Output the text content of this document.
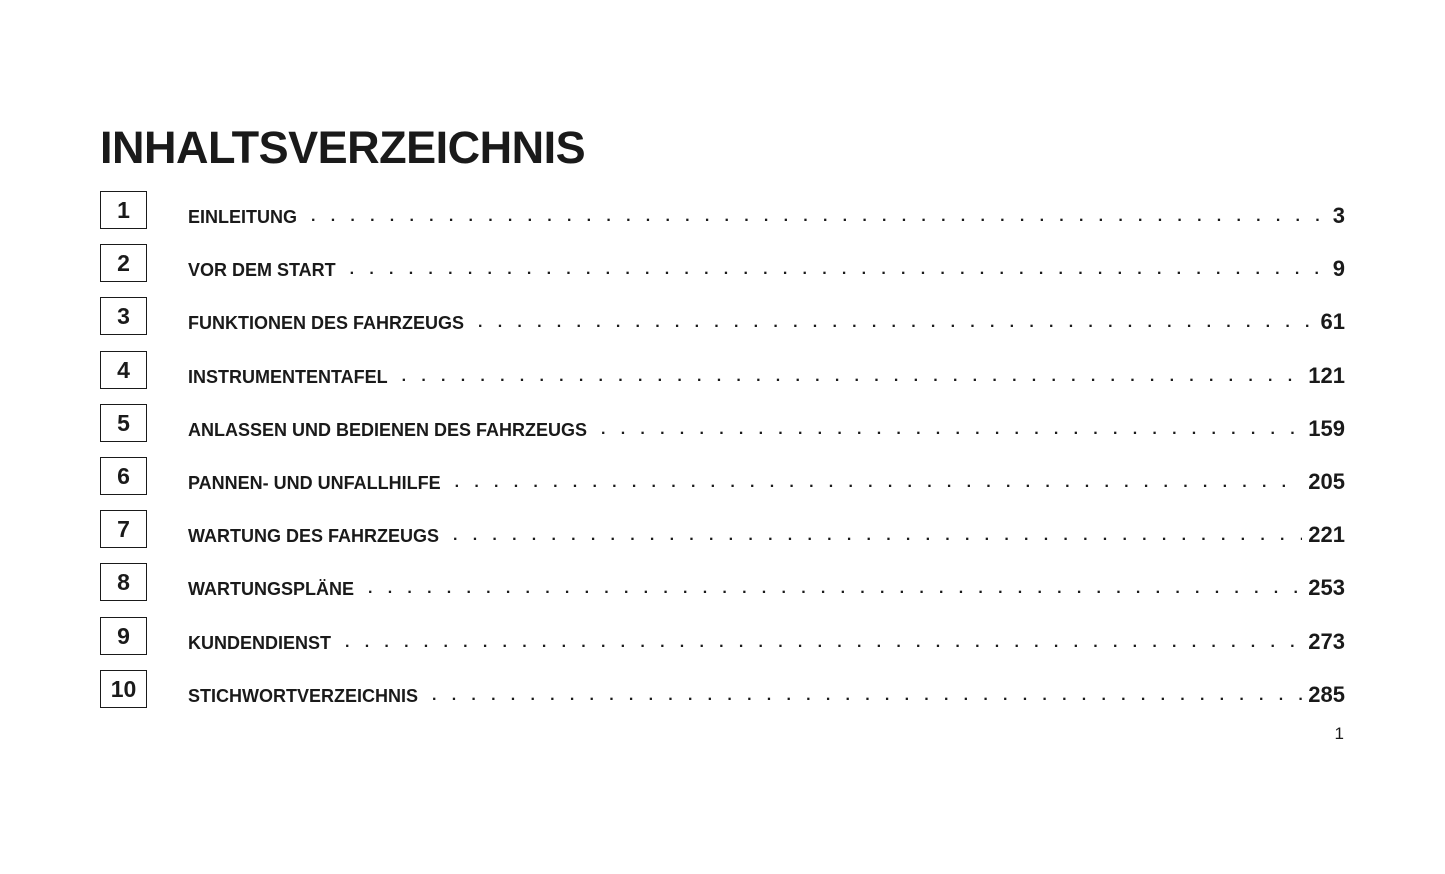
INHALTSVERZEICHNIS
1	EINLEITUNG . . .	3
2	VOR DEM START . . .	9
3	FUNKTIONEN DES FAHRZEUGS . . .	61
4	INSTRUMENTENTAFEL . . .	121
5	ANLASSEN UND BEDIENEN DES FAHRZEUGS . . .	159
6	PANNEN- UND UNFALLHILFE . . .	205
7	WARTUNG DES FAHRZEUGS . . .	221
8	WARTUNGSPLÄNE . . .	253
9	KUNDENDIENST . . .	273
10	STICHWORTVERZEICHNIS . . .	285
1
